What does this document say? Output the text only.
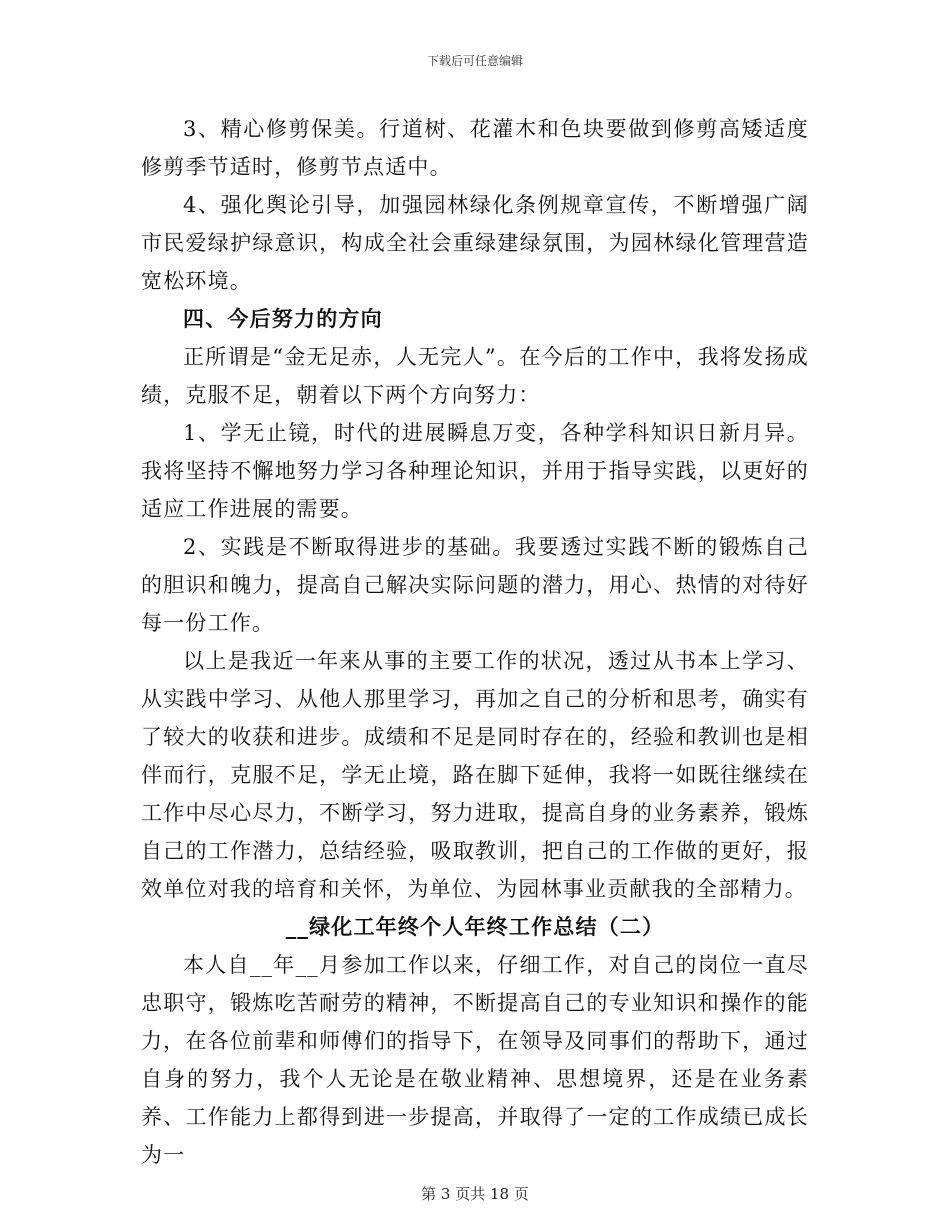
下载后可任意编辑

3、精心修剪保美。行道树、花灌木和色块要做到修剪高矮适度修剪季节适时，修剪节点适中。

4、强化舆论引导，加强园林绿化条例规章宣传，不断增强广阔市民爱绿护绿意识，构成全社会重绿建绿氛围，为园林绿化管理营造宽松环境。

四、今后努力的方向

正所谓是“金无足赤，人无完人”。在今后的工作中，我将发扬成绩，克服不足，朝着以下两个方向努力：

1、学无止镜，时代的进展瞬息万变，各种学科知识日新月异。我将坚持不懈地努力学习各种理论知识，并用于指导实践，以更好的适应工作进展的需要。

2、实践是不断取得进步的基础。我要透过实践不断的锻炼自己的胆识和魄力，提高自己解决实际问题的潜力，用心、热情的对待好每一份工作。

以上是我近一年来从事的主要工作的状况，透过从书本上学习、从实践中学习、从他人那里学习，再加之自己的分析和思考，确实有了较大的收获和进步。成绩和不足是同时存在的，经验和教训也是相伴而行，克服不足，学无止境，路在脚下延伸，我将一如既往继续在工作中尽心尽力，不断学习，努力进取，提高自身的业务素养，锻炼自己的工作潜力，总结经验，吸取教训，把自己的工作做的更好，报效单位对我的培育和关怀，为单位、为园林事业贡献我的全部精力。

__绿化工年终个人年终工作总结（二）

本人自__年__月参加工作以来，仔细工作，对自己的岗位一直尽忠职守，锻炼吃苦耐劳的精神，不断提高自己的专业知识和操作的能力，在各位前辈和师傅们的指导下，在领导及同事们的帮助下，通过自身的努力，我个人无论是在敬业精神、思想境界，还是在业务素养、工作能力上都得到进一步提高，并取得了一定的工作成绩已成长为一

第 3 页共 18 页
